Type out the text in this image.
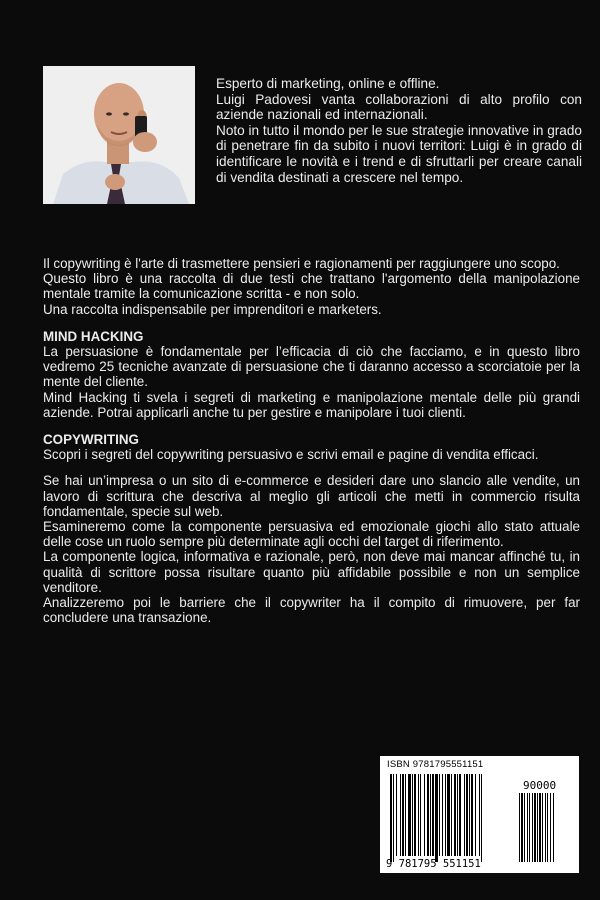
Esperto di marketing, online e offline.

Luigi Padovesi vanta collaborazioni di alto profilo con aziende nazionali ed internazionali.

Noto in tutto il mondo per le sue strategie innovative in grado di penetrare fin da subito i nuovi territori: Luigi è in grado di identificare le novità e i trend e di sfruttarli per creare canali di vendita destinati a crescere nel tempo.

Il copywriting è l'arte di trasmettere pensieri e ragionamenti per raggiungere uno scopo.

Questo libro è una raccolta di due testi che trattano l'argomento della manipolazione mentale tramite la comunicazione scritta - e non solo.

Una raccolta indispensabile per imprenditori e marketers.

MIND HACKING

La persuasione è fondamentale per l’efficacia di ciò che facciamo, e in questo libro vedremo 25 tecniche avanzate di persuasione che ti daranno accesso a scorciatoie per la mente del cliente.

Mind Hacking ti svela i segreti di marketing e manipolazione mentale delle più grandi aziende. Potrai applicarli anche tu per gestire e manipolare i tuoi clienti.

COPYWRITING

Scopri i segreti del copywriting persuasivo e scrivi email e pagine di vendita efficaci.

Se hai un’impresa o un sito di e-commerce e desideri dare uno slancio alle vendite, un lavoro di scrittura che descriva al meglio gli articoli che metti in commercio risulta fondamentale, specie sul web.

Esamineremo come la componente persuasiva ed emozionale giochi allo stato attuale delle cose un ruolo sempre più determinate agli occhi del target di riferimento.

La componente logica, informativa e razionale, però, non deve mai mancar affinché tu, in qualità di scrittore possa risultare quanto più affidabile possibile e non un semplice venditore.

Analizzeremo poi le barriere che il copywriter ha il compito di rimuovere, per far concludere una transazione.

ISBN 9781795551151
90000
9 781795 551151
